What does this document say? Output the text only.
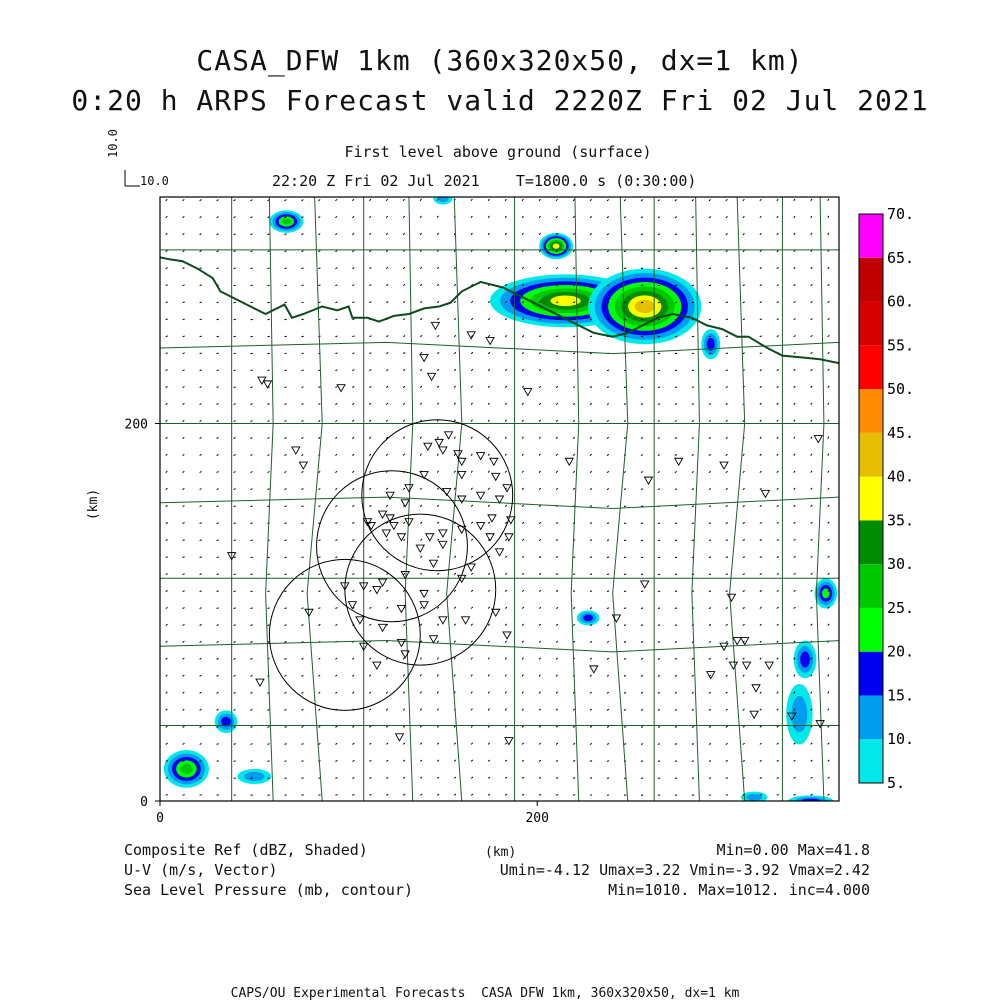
CASA_DFW 1km (360x320x50, dx=1 km)
0:20 h ARPS Forecast valid 2220Z Fri 02 Jul 2021
First level above ground (surface)
22:20 Z Fri 02 Jul 2021    T=1800.0 s (0:30:00)
10.0
10.0
0	200
0
200
5.
10.
15.
20.
25.
30.
35.
40.
45.
50.
55.
60.
65.
70.
Composite Ref (dBZ, Shaded)
U-V (m/s, Vector)
Sea Level Pressure (mb, contour)
Min=0.00 Max=41.8
Umin=-4.12 Umax=3.22 Vmin=-3.92 Vmax=2.42
Min=1010. Max=1012. inc=4.000
(km)
(km)
CAPS/OU Experimental Forecasts  CASA DFW 1km, 360x320x50, dx=1 km
